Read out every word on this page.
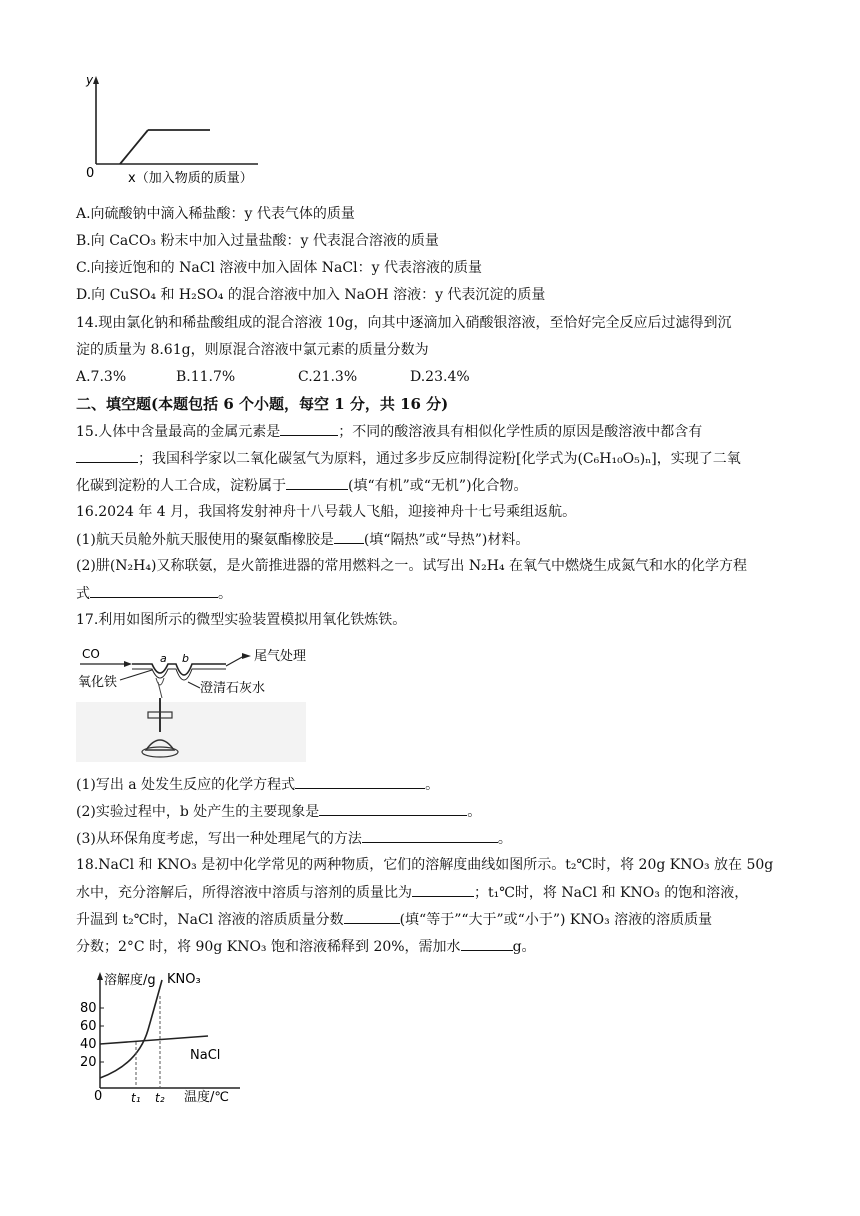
y
0	x（加入物质的质量）
A.向硫酸钠中滴入稀盐酸：y 代表气体的质量
B.向 CaCO₃ 粉末中加入过量盐酸：y 代表混合溶液的质量
C.向接近饱和的 NaCl 溶液中加入固体 NaCl：y 代表溶液的质量
D.向 CuSO₄ 和 H₂SO₄ 的混合溶液中加入 NaOH 溶液：y 代表沉淀的质量
14.现由氯化钠和稀盐酸组成的混合溶液 10g，向其中逐滴加入硝酸银溶液，至恰好完全反应后过滤得到沉
淀的质量为 8.61g，则原混合溶液中氯元素的质量分数为
A.7.3%	B.11.7%	C.21.3%	D.23.4%
二、填空题(本题包括 6 个小题，每空 1 分，共 16 分)
15.人体中含量最高的金属元素是	；不同的酸溶液具有相似化学性质的原因是酸溶液中都含有
；我国科学家以二氧化碳氢气为原料，通过多步反应制得淀粉[化学式为(C₆H₁₀O₅)ₙ]，实现了二氧
化碳到淀粉的人工合成，淀粉属于	(填“有机”或“无机”)化合物。
16.2024 年 4 月，我国将发射神舟十八号载人飞船，迎接神舟十七号乘组返航。
(1)航天员舱外航天服使用的聚氨酯橡胶是 (填“隔热”或“导热”)材料。
(2)肼(N₂H₄)又称联氨，是火箭推进器的常用燃料之一。试写出 N₂H₄ 在氧气中燃烧生成氮气和水的化学方程
式	。
17.利用如图所示的微型实验装置模拟用氧化铁炼铁。
CO
氧化铁
a b	尾气处理
澄清石灰水
(1)写出 a 处发生反应的化学方程式	。
(2)实验过程中，b 处产生的主要现象是	。
(3)从环保角度考虑，写出一种处理尾气的方法	。
18.NaCl 和 KNO₃ 是初中化学常见的两种物质，它们的溶解度曲线如图所示。t₂℃时，将 20g KNO₃ 放在 50g
水中，充分溶解后，所得溶液中溶质与溶剂的质量比为	；t₁℃时，将 NaCl 和 KNO₃ 的饱和溶液，
升温到 t₂℃时，NaCl 溶液的溶质质量分数	(填“等于”“大于”或“小于”) KNO₃ 溶液的溶质质量
分数；2°C 时，将 90g KNO₃ 饱和溶液稀释到 20%，需加水	g。
溶解度/g KNO₃
NaCl
80
60
40
20
0 t₁ t₂ 温度/℃
